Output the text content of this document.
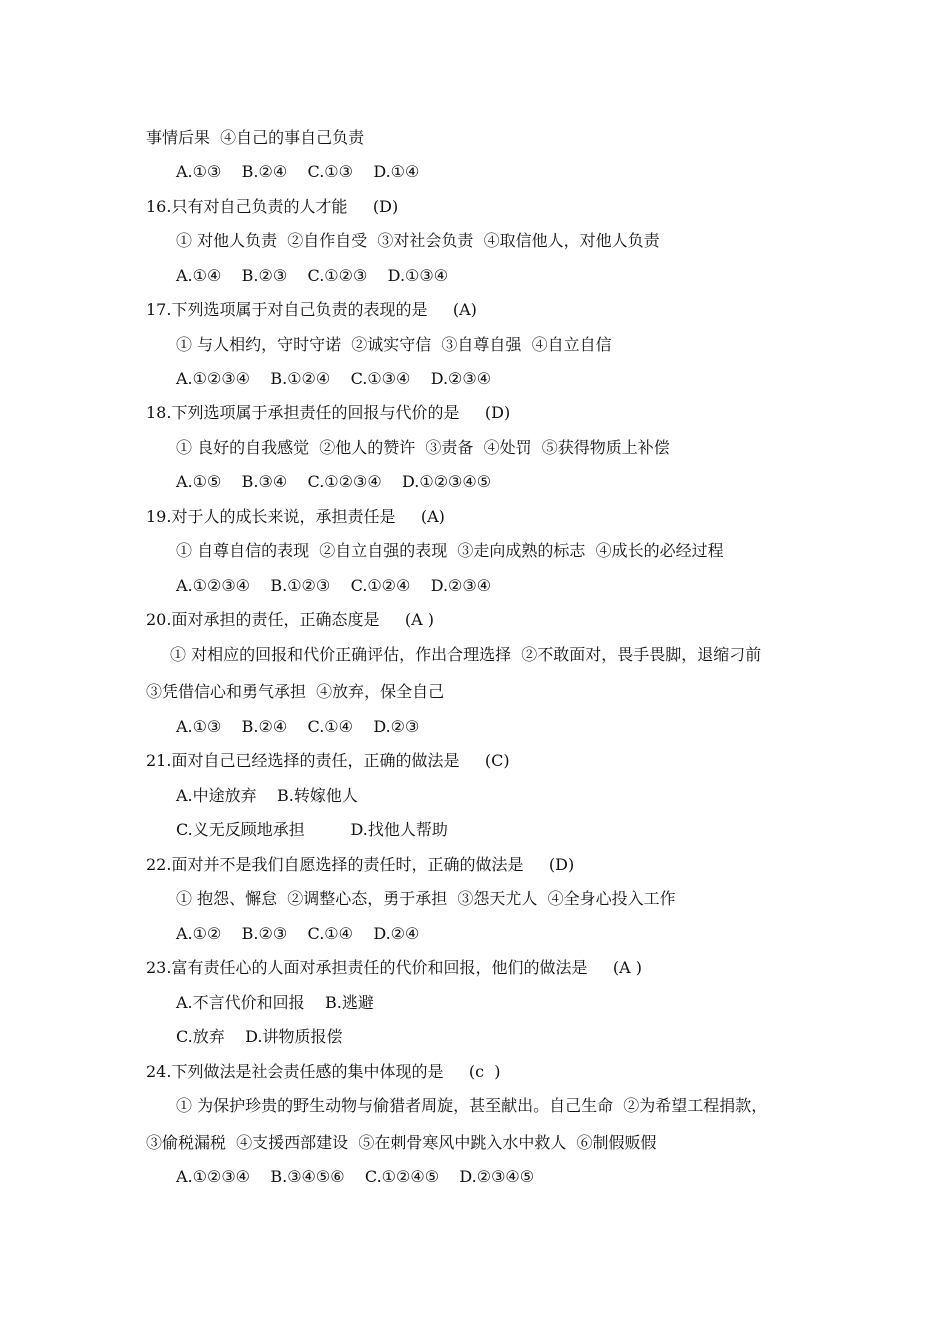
事情后果  ④自己的事自己负责
A.①③    B.②④    C.①③    D.①④
16.只有对自己负责的人才能     (D)
① 对他人负责  ②自作自受  ③对社会负责  ④取信他人，对他人负责
A.①④    B.②③    C.①②③    D.①③④
17.下列选项属于对自己负责的表现的是     (A)
① 与人相约，守时守诺  ②诚实守信  ③自尊自强  ④自立自信
A.①②③④    B.①②④    C.①③④    D.②③④
18.下列选项属于承担责任的回报与代价的是     (D)
① 良好的自我感觉  ②他人的赞许  ③责备  ④处罚  ⑤获得物质上补偿
A.①⑤    B.③④    C.①②③④    D.①②③④⑤
19.对于人的成长来说，承担责任是     (A)
① 自尊自信的表现  ②自立自强的表现  ③走向成熟的标志  ④成长的必经过程
A.①②③④    B.①②③    C.①②④    D.②③④
20.面对承担的责任，正确态度是     (A )
① 对相应的回报和代价正确评估，作出合理选择  ②不敢面对，畏手畏脚，退缩刁前
③凭借信心和勇气承担  ④放弃，保全自己
A.①③    B.②④    C.①④    D.②③
21.面对自己已经选择的责任，正确的做法是     (C)
A.中途放弃    B.转嫁他人
C.义无反顾地承担         D.找他人帮助
22.面对并不是我们自愿选择的责任时，正确的做法是     (D)
① 抱怨、懈怠  ②调整心态，勇于承担  ③怨天尤人  ④全身心投入工作
A.①②    B.②③    C.①④    D.②④
23.富有责任心的人面对承担责任的代价和回报，他们的做法是     (A )
A.不言代价和回报    B.逃避
C.放弃    D.讲物质报偿
24.下列做法是社会责任感的集中体现的是     (c  )
① 为保护珍贵的野生动物与偷猎者周旋，甚至献出。自己生命  ②为希望工程捐款，
③偷税漏税  ④支援西部建设  ⑤在刺骨寒风中跳入水中救人  ⑥制假贩假
A.①②③④    B.③④⑤⑥    C.①②④⑤    D.②③④⑤
